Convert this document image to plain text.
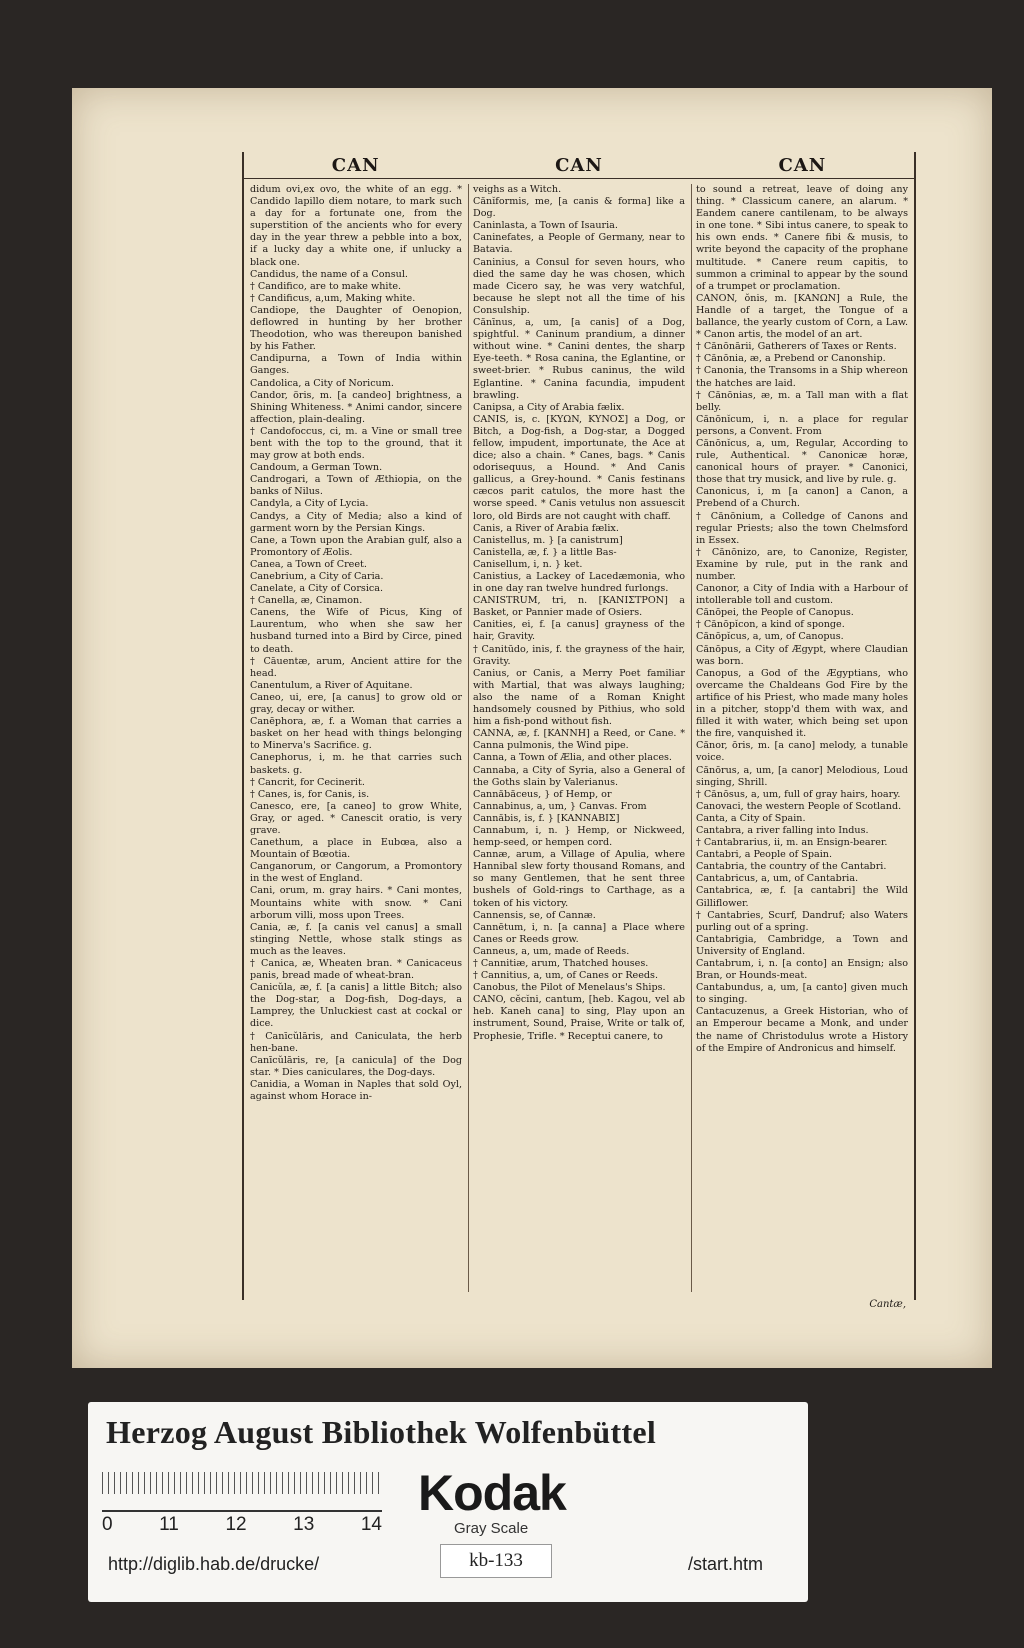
CAN	CAN	CAN

didum ovi,ex ovo, the white of an egg. * Candido lapillo diem notare, to mark such a day for a fortunate one, from the superstition of the ancients who for every day in the year threw a pebble into a box, if a lucky day a white one, if unlucky a black one.

Candidus, the name of a Consul.

† Candifico, are to make white.

† Candificus, a,um, Making white.

Candiope, the Daughter of Oenopion, deflowred in hunting by her brother Theodotion, who was thereupon banished by his Father.

Candipurna, a Town of India within Ganges.

Candolica, a City of Noricum.

Candor, öris, m. [a candeo] brightness, a Shining Whiteness. * Animi candor, sincere affection, plain-dealing.

† Candofoccus, ci, m. a Vine or small tree bent with the top to the ground, that it may grow at both ends.

Candoum, a German Town.

Candrogari, a Town of Æthiopia, on the banks of Nilus.

Candyla, a City of Lycia.

Candys, a City of Media; also a kind of garment worn by the Persian Kings.

Cane, a Town upon the Arabian gulf, also a Promontory of Æolis.

Canea, a Town of Creet.

Canebrium, a City of Caria.

Canelate, a City of Corsica.

† Canella, æ, Cinamon.

Canens, the Wife of Picus, King of Laurentum, who when she saw her husband turned into a Bird by Circe, pined to death.

† Cāuentæ, arum, Ancient attire for the head.

Canentulum, a River of Aquitane.

Caneo, ui, ere, [a canus] to grow old or gray, decay or wither.

Canēphora, æ, f. a Woman that carries a basket on her head with things belonging to Minerva's Sacrifice. g.

Canephorus, i, m. he that carries such baskets. g.

† Cancrit, for Cecinerit.

† Canes, is, for Canis, is.

Canesco, ere, [a caneo] to grow White, Gray, or aged. * Canescit oratio, is very grave.

Canethum, a place in Eubœa, also a Mountain of Bœotia.

Canganorum, or Cangorum, a Promontory in the west of England.

Cani, orum, m. gray hairs. * Cani montes, Mountains white with snow. * Cani arborum villi, moss upon Trees.

Cania, æ, f. [a canis vel canus] a small stinging Nettle, whose stalk stings as much as the leaves.

† Canica, æ, Wheaten bran. * Canicaceus panis, bread made of wheat-bran.

Canicŭla, æ, f. [a canis] a little Bitch; also the Dog-star, a Dog-fish, Dog-days, a Lamprey, the Unluckiest cast at cockal or dice.

† Canīcŭlāris, and Caniculata, the herb hen-bane.

Canīcŭlāris, re, [a canicula] of the Dog star. * Dies caniculares, the Dog-days.

Canidia, a Woman in Naples that sold Oyl, against whom Horace in-

veighs as a Witch.

Cănĭformis, me, [a canis & forma] like a Dog.

Caninlasta, a Town of Isauria.

Caninefates, a People of Germany, near to Batavia.

Caninius, a Consul for seven hours, who died the same day he was chosen, which made Cicero say, he was very watchful, because he slept not all the time of his Consulship.

Cănīnus, a, um, [a canis] of a Dog, spightful. * Caninum prandium, a dinner without wine. * Canini dentes, the sharp Eye-teeth. * Rosa canina, the Eglantine, or sweet-brier. * Rubus caninus, the wild Eglantine. * Canina facundia, impudent brawling.

Canipsa, a City of Arabia fælix.

CANIS, is, c. [KYΩN, KYNOΣ] a Dog, or Bitch, a Dog-fish, a Dog-star, a Dogged fellow, impudent, importunate, the Ace at dice; also a chain. * Canes, bags. * Canis odorisequus, a Hound. * And Canis gallicus, a Grey-hound. * Canis festinans cæcos parit catulos, the more hast the worse speed. * Canis vetulus non assuescit loro, old Birds are not caught with chaff.

Canis, a River of Arabia fælix.

Canistellus, m. } [a canistrum]

Canistella, æ, f. } a little Bas-

Canisellum, i, n. } ket.

Canistius, a Lackey of Lacedæmonia, who in one day ran twelve hundred furlongs.

CANISTRUM, tri, n. [KANIΣTPON] a Basket, or Pannier made of Osiers.

Canities, ei, f. [a canus] grayness of the hair, Gravity.

† Canitūdo, inis, f. the grayness of the hair, Gravity.

Canius, or Canis, a Merry Poet familiar with Martial, that was always laughing; also the name of a Roman Knight handsomely cousned by Pithius, who sold him a fish-pond without fish.

CANNA, æ, f. [KANNH] a Reed, or Cane. * Canna pulmonis, the Wind pipe.

Canna, a Town of Ælia, and other places.

Cannaba, a City of Syria, also a General of the Goths slain by Valerianus.

Cannăbăceus, } of Hemp, or

Cannabinus, a, um, } Canvas. From

Cannăbis, is, f. } [KANNABIΣ]

Cannabum, i, n. } Hemp, or Nickweed, hemp-seed, or hempen cord.

Cannæ, arum, a Village of Apulia, where Hannibal slew forty thousand Romans, and so many Gentlemen, that he sent three bushels of Gold-rings to Carthage, as a token of his victory.

Cannensis, se, of Cannæ.

Cannētum, i, n. [a canna] a Place where Canes or Reeds grow.

Canneus, a, um, made of Reeds.

† Cannitiæ, arum, Thatched houses.

† Cannitius, a, um, of Canes or Reeds.

Canobus, the Pilot of Menelaus's Ships.

CANO, cĕcĭni, cantum, [heb. Kagou, vel ab heb. Kaneh cana] to sing, Play upon an instrument, Sound, Praise, Write or talk of, Prophesie, Trifle. * Receptui canere, to

to sound a retreat, leave of doing any thing. * Classicum canere, an alarum. * Eandem canere cantilenam, to be always in one tone. * Sibi intus canere, to speak to his own ends. * Canere fibi & musis, to write beyond the capacity of the prophane multitude. * Canere reum capitis, to summon a criminal to appear by the sound of a trumpet or proclamation.

CANON, ŏnis, m. [KANΩN] a Rule, the Handle of a target, the Tongue of a ballance, the yearly custom of Corn, a Law. * Canon artis, the model of an art.

† Cănōnārii, Gatherers of Taxes or Rents.

† Cănōnia, æ, a Prebend or Canonship.

† Canonia, the Transoms in a Ship whereon the hatches are laid.

† Cănōnias, æ, m. a Tall man with a flat belly.

Cănōnĭcum, i, n. a place for regular persons, a Convent. From

Cănōnĭcus, a, um, Regular, According to rule, Authentical. * Canonicæ horæ, canonical hours of prayer. * Canonici, those that try musick, and live by rule. g.

Canonicus, i, m [a canon] a Canon, a Prebend of a Church.

† Cănōnium, a Colledge of Canons and regular Priests; also the town Chelmsford in Essex.

† Cănōnizo, are, to Canonize, Register, Examine by rule, put in the rank and number.

Canonor, a City of India with a Harbour of intollerable toll and custom.

Cănōpei, the People of Canopus.

† Cănōpĭcon, a kind of sponge.

Cănōpĭcus, a, um, of Canopus.

Cănōpus, a City of Ægypt, where Claudian was born.

Canopus, a God of the Ægyptians, who overcame the Chaldeans God Fire by the artifice of his Priest, who made many holes in a pitcher, stopp'd them with wax, and filled it with water, which being set upon the fire, vanquished it.

Cănor, ōris, m. [a cano] melody, a tunable voice.

Cănōrus, a, um, [a canor] Melodious, Loud singing, Shrill.

† Cănōsus, a, um, full of gray hairs, hoary.

Canovaci, the western People of Scotland.

Canta, a City of Spain.

Cantabra, a river falling into Indus.

† Cantabrarius, ii, m. an Ensign-bearer.

Cantabri, a People of Spain.

Cantabria, the country of the Cantabri.

Cantabricus, a, um, of Cantabria.

Cantabrica, æ, f. [a cantabri] the Wild Gilliflower.

† Cantabries, Scurf, Dandruf; also Waters purling out of a spring.

Cantabrigia, Cambridge, a Town and University of England.

Cantabrum, i, n. [a conto] an Ensign; also Bran, or Hounds-meat.

Cantabundus, a, um, [a canto] given much to singing.

Cantacuzenus, a Greek Historian, who of an Emperour became a Monk, and under the name of Christodulus wrote a History of the Empire of Andronicus and himself.

Cantæ,
Herzog August Bibliothek Wolfenbüttel
0 11 12 13 14
Kodak
Gray Scale
kb-133
http://diglib.hab.de/drucke/	/start.htm
